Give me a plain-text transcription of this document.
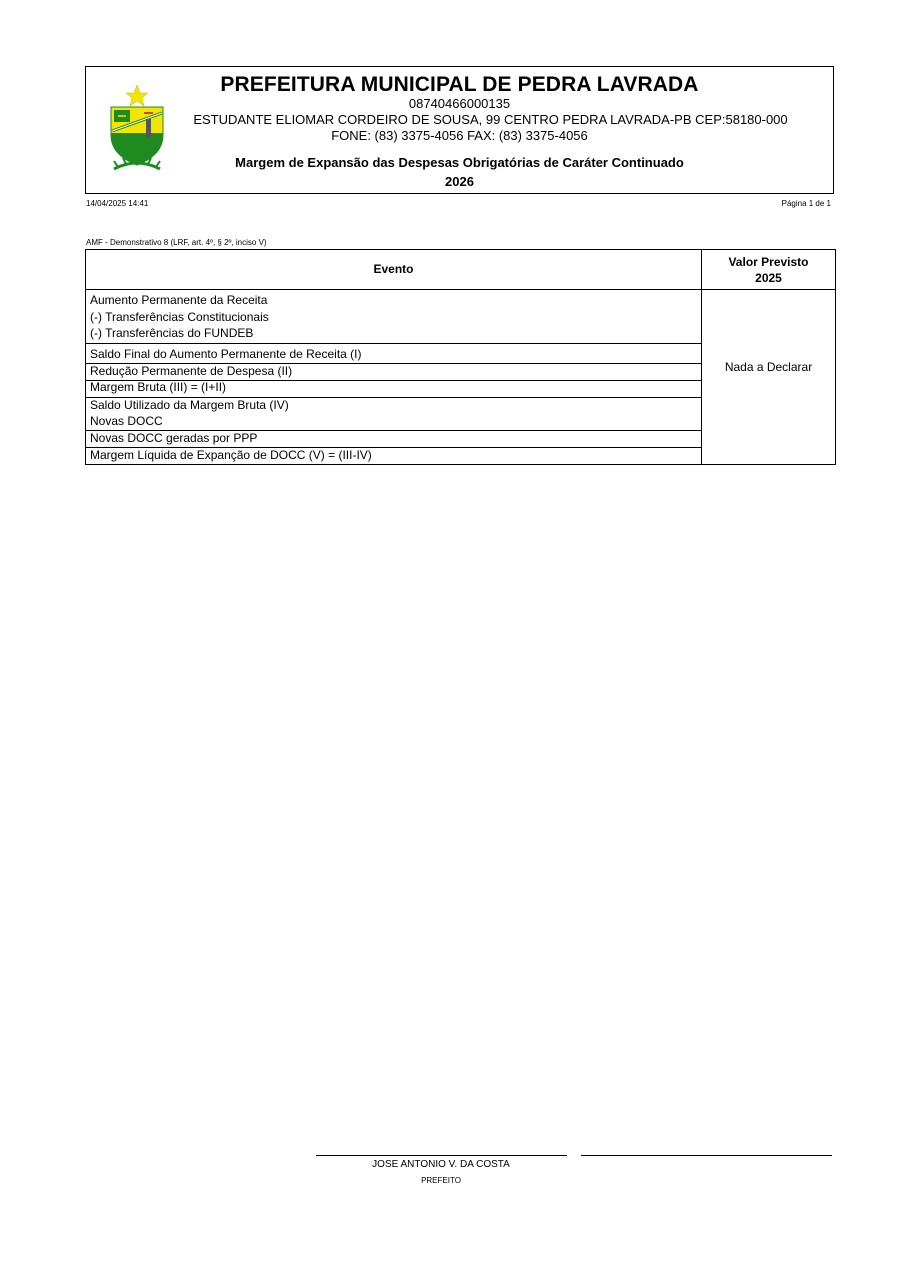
PREFEITURA MUNICIPAL DE PEDRA LAVRADA
08740466000135
ESTUDANTE ELIOMAR CORDEIRO DE SOUSA, 99 CENTRO PEDRA LAVRADA-PB CEP:58180-000
FONE: (83) 3375-4056 FAX: (83) 3375-4056
Margem de Expansão das Despesas Obrigatórias de Caráter Continuado
2026
14/04/2025 14:41	Página 1 de 1
AMF - Demonstrativo 8 (LRF, art. 4º, § 2º, inciso V)
Evento	Valor Previsto
2025
Aumento Permanente da Receita
(-) Transferências Constitucionais
(-) Transferências do FUNDEB
Saldo Final do Aumento Permanente de Receita (I)
Redução Permanente de Despesa (II)
Margem Bruta (III) = (I+II)
Saldo Utilizado da Margem Bruta (IV)
Novas DOCC
Novas DOCC geradas por PPP
Margem Líquida de Expanção de DOCC (V) = (III-IV)
Nada a Declarar
JOSE ANTONIO V. DA COSTA
PREFEITO
